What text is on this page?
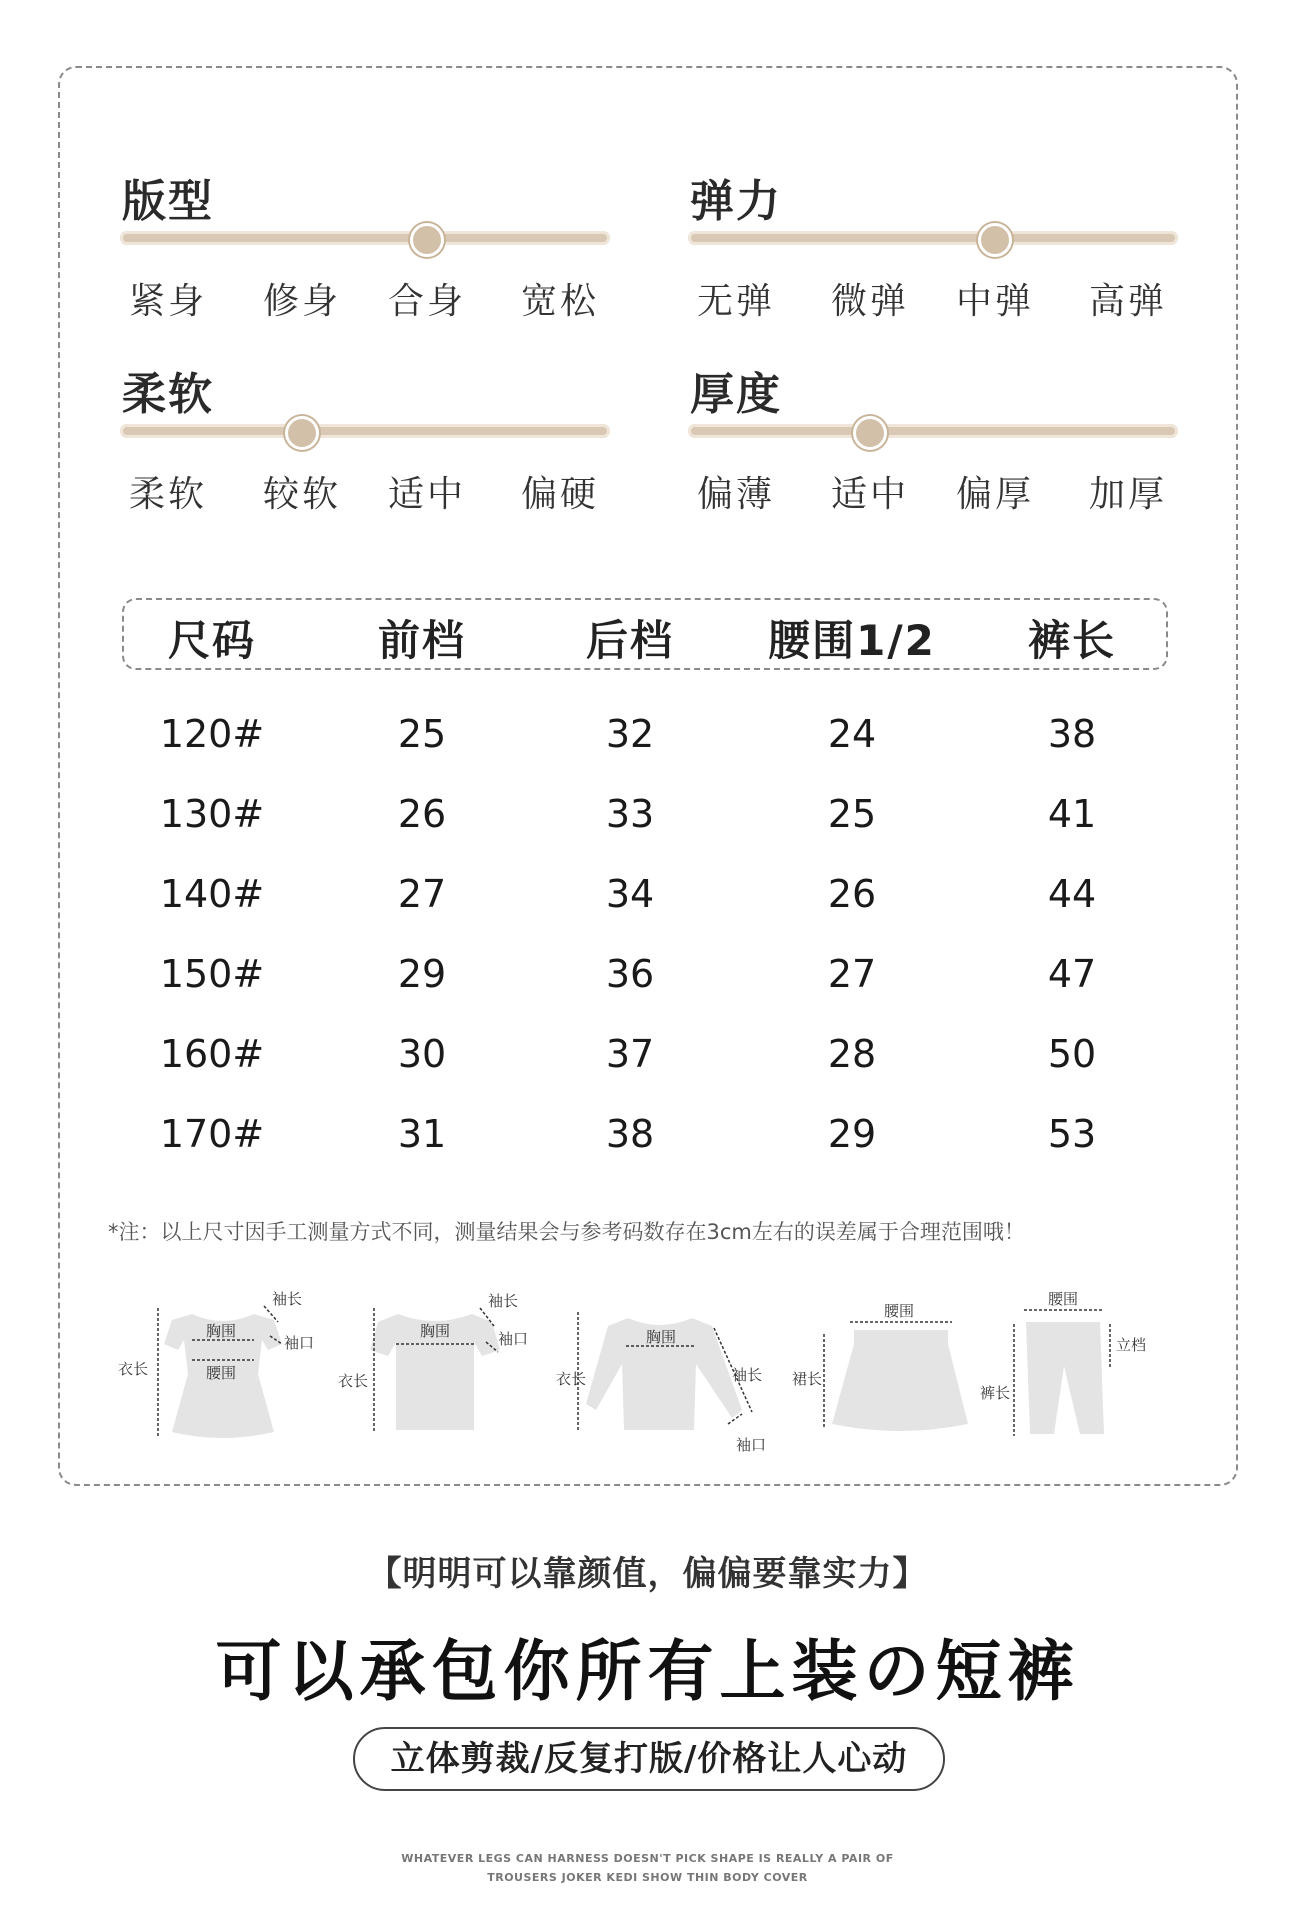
版型
紧身	修身	合身	宽松
弹力
无弹	微弹	中弹	高弹
柔软
柔软	较软	适中	偏硬
厚度
偏薄	适中	偏厚	加厚
尺码	前档	后档	腰围1/2	裤长
120#	25	32	24	38
130#	26	33	25	41
140#	27	34	26	44
150#	29	36	27	47
160#	30	37	28	50
170#	31	38	29	53
*注：以上尺寸因手工测量方式不同，测量结果会与参考码数存在3cm左右的误差属于合理范围哦！
袖长
胸围
袖口
衣长	腰围
袖长
胸围	袖口
衣长
胸围
衣长	袖长
袖口
腰围
裙长
腰围
立档
裤长
【明明可以靠颜值，偏偏要靠实力】
可以承包你所有上装の短裤
立体剪裁/反复打版/价格让人心动
WHATEVER LEGS CAN HARNESS DOESN'T PICK SHAPE IS REALLY A PAIR OF
TROUSERS JOKER KEDI SHOW THIN BODY COVER
